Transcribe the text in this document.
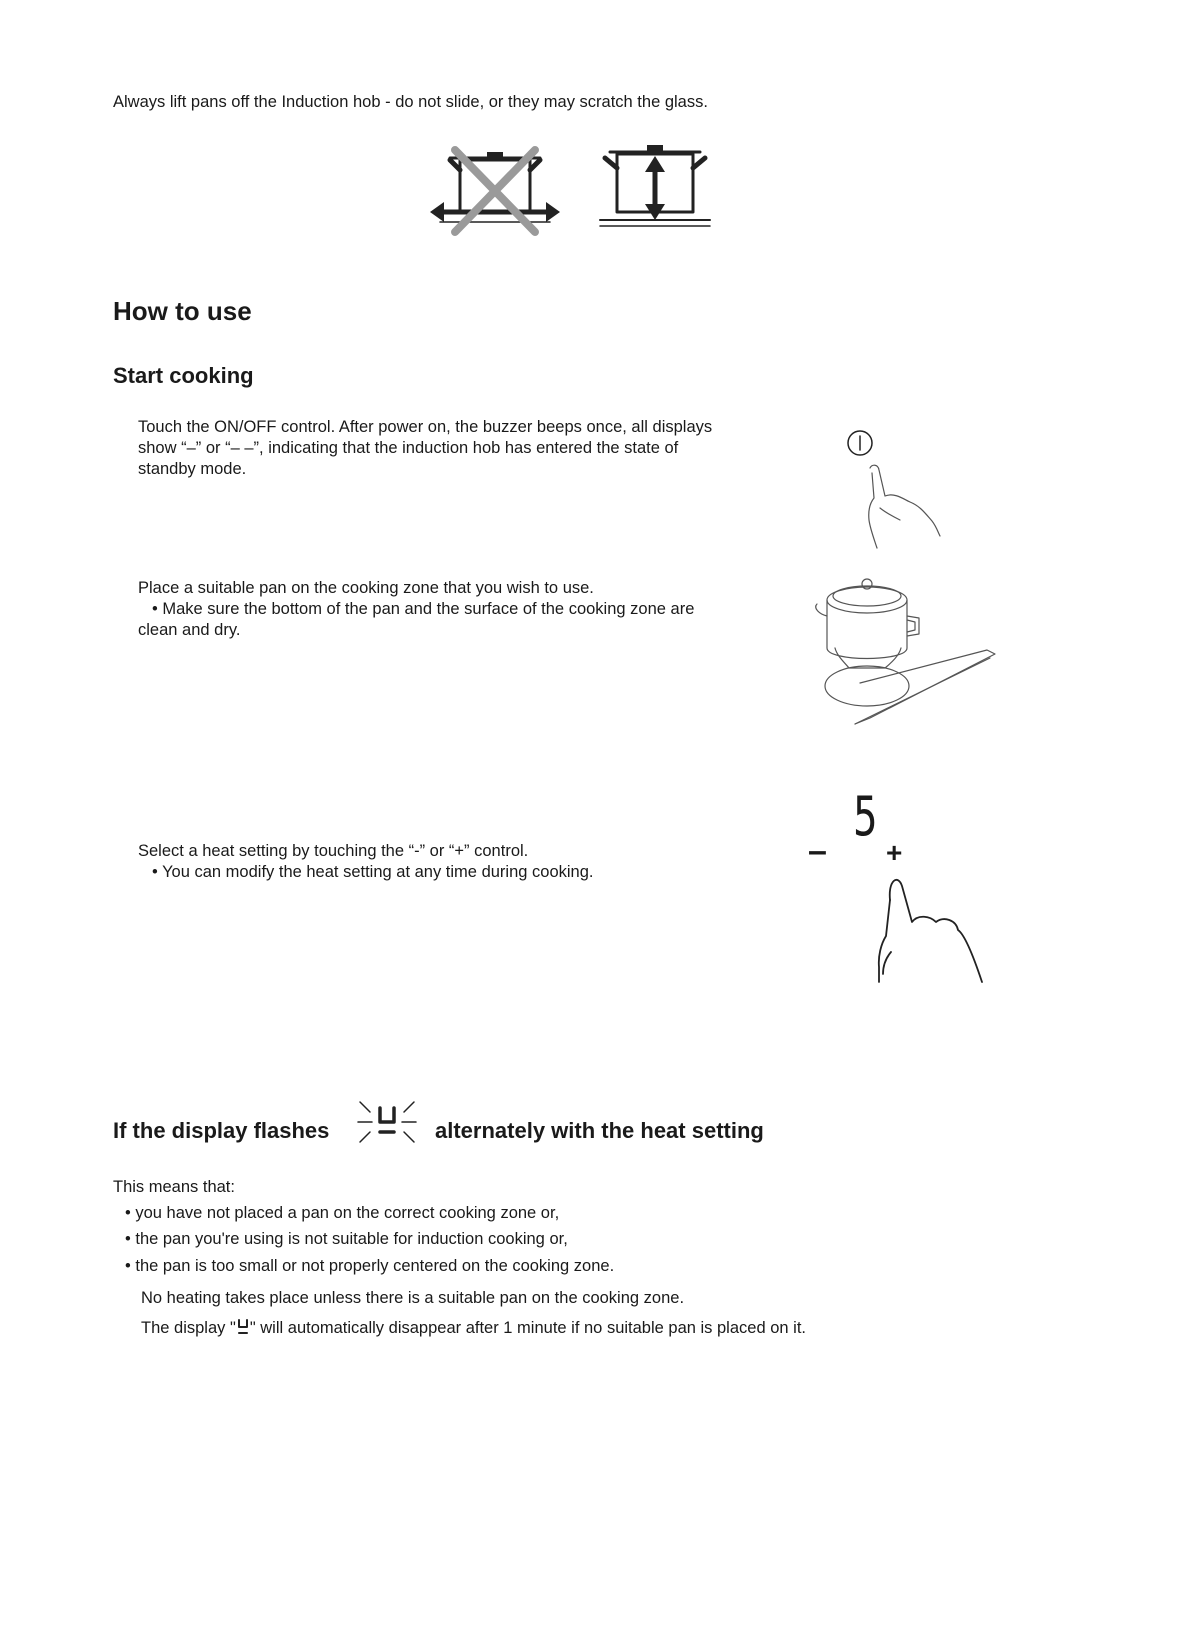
Always lift pans off the Induction hob - do not slide, or they may scratch the glass.

How to use
Start cooking

Touch the ON/OFF control. After power on, the buzzer beeps once, all displays show “–” or “– –”, indicating that the induction hob has entered the state of standby mode.

Place a suitable pan on the cooking zone that you wish to use.

• Make sure the bottom of the pan and the surface of the cooking zone are clean and dry.

Select a heat setting by touching the “-” or “+” control.

• You can modify the heat setting at any time during cooking.

–
5
+
If the display flashes	alternately with the heat setting

This means that:

• you have not placed a pan on the correct cooking zone or,

• the pan you're using is not suitable for induction cooking or,

• the pan is too small or not properly centered on the cooking zone.

No heating takes place unless there is a suitable pan on the cooking zone.

The display " " will automatically disappear after 1 minute if no suitable pan is placed on it.
